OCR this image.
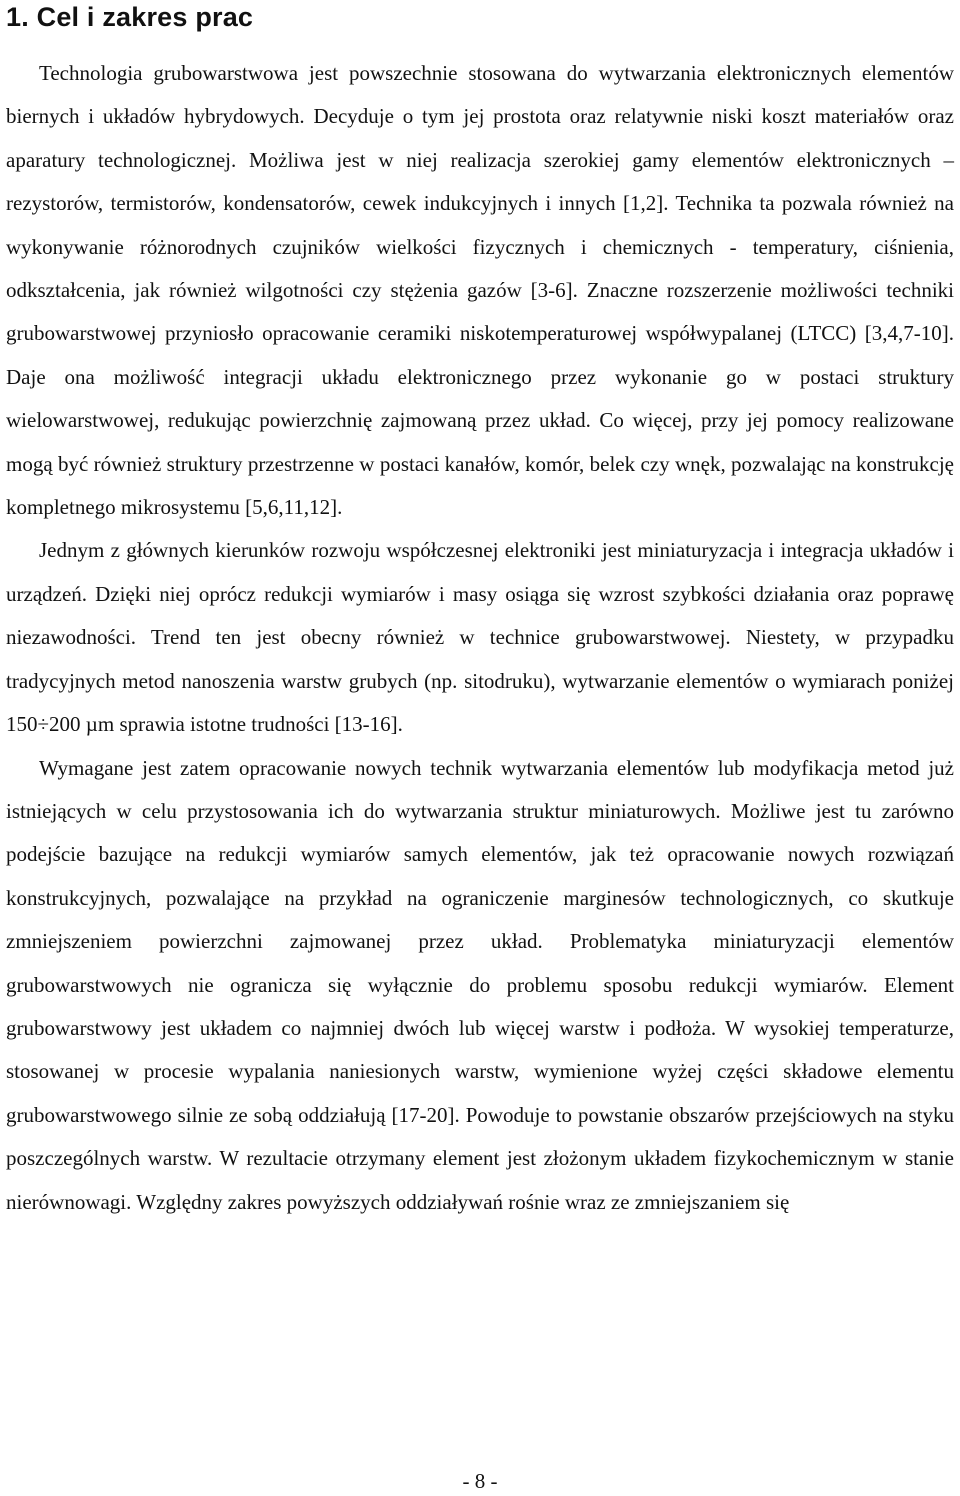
1. Cel i zakres prac

Technologia grubowarstwowa jest powszechnie stosowana do wytwarzania elektronicznych elementów biernych i układów hybrydowych. Decyduje o tym jej prostota oraz relatywnie niski koszt materiałów oraz aparatury technologicznej. Możliwa jest w niej realizacja szerokiej gamy elementów elektronicznych – rezystorów, termistorów, kondensatorów, cewek indukcyjnych i innych [1,2]. Technika ta pozwala również na wykonywanie różnorodnych czujników wielkości fizycznych i chemicznych - temperatury, ciśnienia, odkształcenia, jak również wilgotności czy stężenia gazów [3-6]. Znaczne rozszerzenie możliwości techniki grubowarstwowej przyniosło opracowanie ceramiki niskotemperaturowej współwypalanej (LTCC) [3,4,7-10]. Daje ona możliwość integracji układu elektronicznego przez wykonanie go w postaci struktury wielowarstwowej, redukując powierzchnię zajmowaną przez układ. Co więcej, przy jej pomocy realizowane mogą być również struktury przestrzenne w postaci kanałów, komór, belek czy wnęk, pozwalając na konstrukcję kompletnego mikrosystemu [5,6,11,12].

Jednym z głównych kierunków rozwoju współczesnej elektroniki jest miniaturyzacja i integracja układów i urządzeń. Dzięki niej oprócz redukcji wymiarów i masy osiąga się wzrost szybkości działania oraz poprawę niezawodności. Trend ten jest obecny również w technice grubowarstwowej. Niestety, w przypadku tradycyjnych metod nanoszenia warstw grubych (np. sitodruku), wytwarzanie elementów o wymiarach poniżej 150÷200 µm sprawia istotne trudności [13-16].

Wymagane jest zatem opracowanie nowych technik wytwarzania elementów lub modyfikacja metod już istniejących w celu przystosowania ich do wytwarzania struktur miniaturowych. Możliwe jest tu zarówno podejście bazujące na redukcji wymiarów samych elementów, jak też opracowanie nowych rozwiązań konstrukcyjnych, pozwalające na przykład na ograniczenie marginesów technologicznych, co skutkuje zmniejszeniem powierzchni zajmowanej przez układ. Problematyka miniaturyzacji elementów grubowarstwowych nie ogranicza się wyłącznie do problemu sposobu redukcji wymiarów. Element grubowarstwowy jest układem co najmniej dwóch lub więcej warstw i podłoża. W wysokiej temperaturze, stosowanej w procesie wypalania naniesionych warstw, wymienione wyżej części składowe elementu grubowarstwowego silnie ze sobą oddziałują [17-20]. Powoduje to powstanie obszarów przejściowych na styku poszczególnych warstw. W rezultacie otrzymany element jest złożonym układem fizykochemicznym w stanie nierównowagi. Względny zakres powyższych oddziaływań rośnie wraz ze zmniejszaniem się

- 8 -
